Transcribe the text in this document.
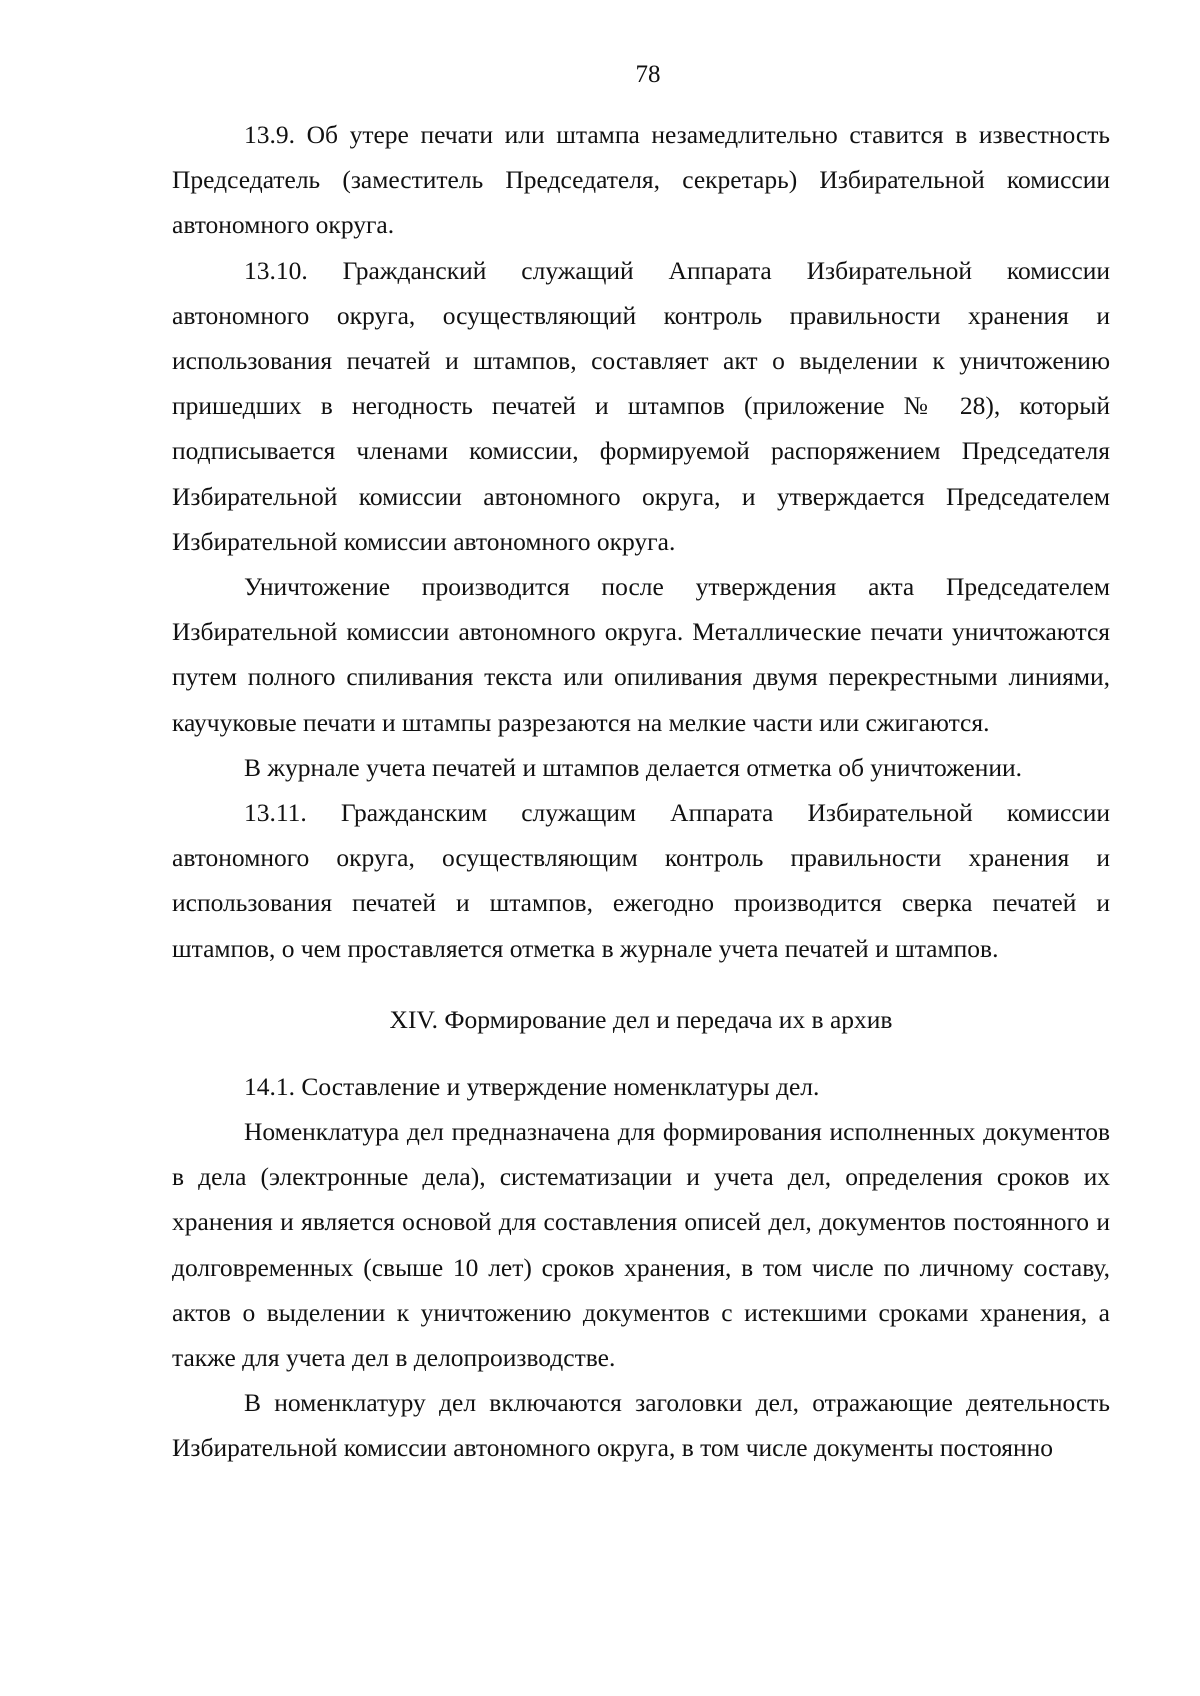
78

13.9. Об утере печати или штампа незамедлительно ставится в известность Председатель (заместитель Председателя, секретарь) Избирательной комиссии автономного округа.

13.10. Гражданский служащий Аппарата Избирательной комиссии автономного округа, осуществляющий контроль правильности хранения и использования печатей и штампов, составляет акт о выделении к уничтожению пришедших в негодность печатей и штампов (приложение № 28), который подписывается членами комиссии, формируемой распоряжением Председателя Избирательной комиссии автономного округа, и утверждается Председателем Избирательной комиссии автономного округа.

Уничтожение производится после утверждения акта Председателем Избирательной комиссии автономного округа. Металлические печати уничтожаются путем полного спиливания текста или опиливания двумя перекрестными линиями, каучуковые печати и штампы разрезаются на мелкие части или сжигаются.

В журнале учета печатей и штампов делается отметка об уничтожении.

13.11. Гражданским служащим Аппарата Избирательной комиссии автономного округа, осуществляющим контроль правильности хранения и использования печатей и штампов, ежегодно производится сверка печатей и штампов, о чем проставляется отметка в журнале учета печатей и штампов.

XIV. Формирование дел и передача их в архив

14.1. Составление и утверждение номенклатуры дел.

Номенклатура дел предназначена для формирования исполненных документов в дела (электронные дела), систематизации и учета дел, определения сроков их хранения и является основой для составления описей дел, документов постоянного и долговременных (свыше 10 лет) сроков хранения, в том числе по личному составу, актов о выделении к уничтожению документов с истекшими сроками хранения, а также для учета дел в делопроизводстве.

В номенклатуру дел включаются заголовки дел, отражающие деятельность Избирательной комиссии автономного округа, в том числе документы постоянно
